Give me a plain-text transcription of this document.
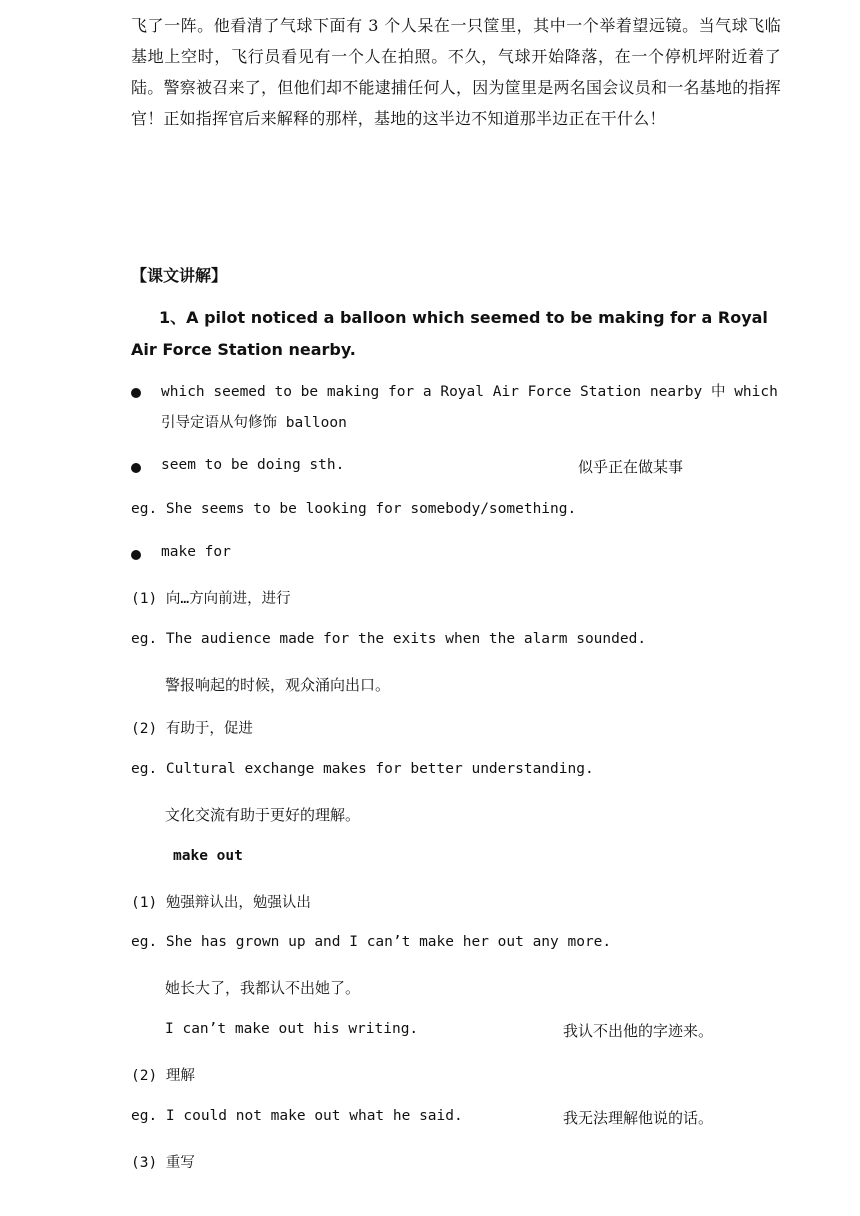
飞了一阵。他看清了气球下面有 3 个人呆在一只筐里，其中一个举着望远镜。当气球飞临基地上空时，飞行员看见有一个人在拍照。不久，气球开始降落，在一个停机坪附近着了陆。警察被召来了，但他们却不能逮捕任何人，因为筐里是两名国会议员和一名基地的指挥官！正如指挥官后来解释的那样，基地的这半边不知道那半边正在干什么！

【课文讲解】

1、A pilot noticed a balloon which seemed to be making for a Royal Air Force Station nearby.

which seemed to be making for a Royal Air Force Station nearby 中 which 引导定语从句修饰 balloon
seem to be doing sth.	似乎正在做某事
eg. She seems to be looking for somebody/something.
make for
(1) 向…方向前进，进行
eg. The audience made for the exits when the alarm sounded.
警报响起的时候，观众涌向出口。
(2) 有助于，促进
eg. Cultural exchange makes for better understanding.
文化交流有助于更好的理解。
make out
(1) 勉强辩认出，勉强认出
eg. She has grown up and I can’t make her out any more.
她长大了，我都认不出她了。
I can’t make out his writing.	我认不出他的字迹来。
(2) 理解
eg. I could not make out what he said.	我无法理解他说的话。
(3) 重写
